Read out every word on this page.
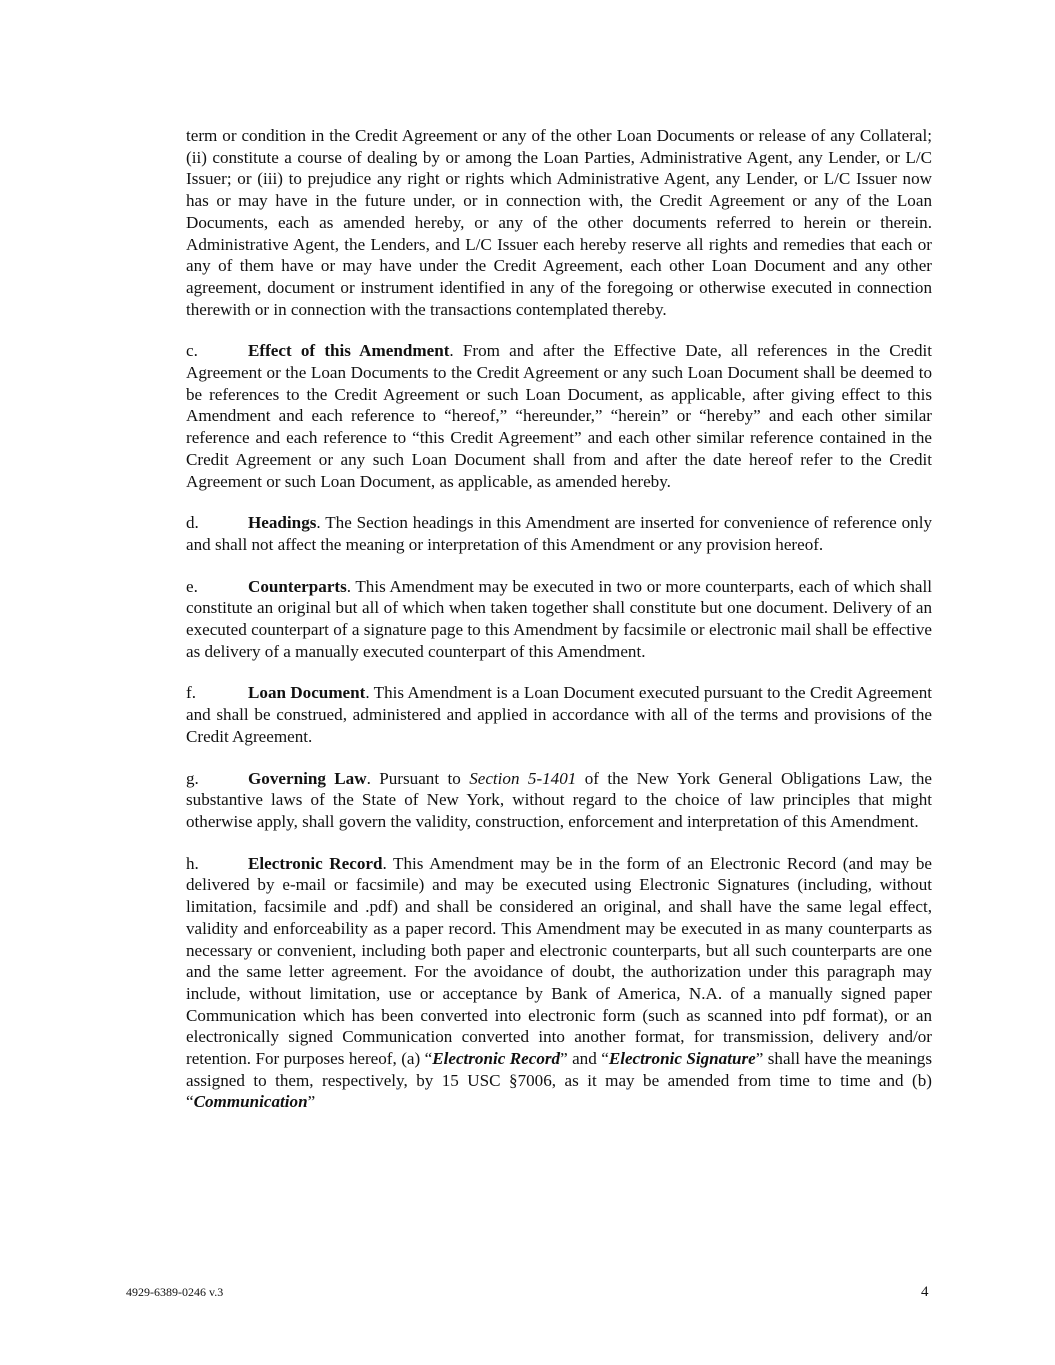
term or condition in the Credit Agreement or any of the other Loan Documents or release of any Collateral; (ii) constitute a course of dealing by or among the Loan Parties, Administrative Agent, any Lender, or L/C Issuer; or (iii) to prejudice any right or rights which Administrative Agent, any Lender, or L/C Issuer now has or may have in the future under, or in connection with, the Credit Agreement or any of the Loan Documents, each as amended hereby, or any of the other documents referred to herein or therein. Administrative Agent, the Lenders, and L/C Issuer each hereby reserve all rights and remedies that each or any of them have or may have under the Credit Agreement, each other Loan Document and any other agreement, document or instrument identified in any of the foregoing or otherwise executed in connection therewith or in connection with the transactions contemplated thereby.

c.	Effect of this Amendment. From and after the Effective Date, all references in the Credit Agreement or the Loan Documents to the Credit Agreement or any such Loan Document shall be deemed to be references to the Credit Agreement or such Loan Document, as applicable, after giving effect to this Amendment and each reference to “hereof,” “hereunder,” “herein” or “hereby” and each other similar reference and each reference to “this Credit Agreement” and each other similar reference contained in the Credit Agreement or any such Loan Document shall from and after the date hereof refer to the Credit Agreement or such Loan Document, as applicable, as amended hereby.

d.	Headings. The Section headings in this Amendment are inserted for convenience of reference only and shall not affect the meaning or interpretation of this Amendment or any provision hereof.

e.	Counterparts. This Amendment may be executed in two or more counterparts, each of which shall constitute an original but all of which when taken together shall constitute but one document. Delivery of an executed counterpart of a signature page to this Amendment by facsimile or electronic mail shall be effective as delivery of a manually executed counterpart of this Amendment.

f.	Loan Document. This Amendment is a Loan Document executed pursuant to the Credit Agreement and shall be construed, administered and applied in accordance with all of the terms and provisions of the Credit Agreement.

g.	Governing Law. Pursuant to Section 5-1401 of the New York General Obligations Law, the substantive laws of the State of New York, without regard to the choice of law principles that might otherwise apply, shall govern the validity, construction, enforcement and interpretation of this Amendment.

h.	Electronic Record. This Amendment may be in the form of an Electronic Record (and may be delivered by e-mail or facsimile) and may be executed using Electronic Signatures (including, without limitation, facsimile and .pdf) and shall be considered an original, and shall have the same legal effect, validity and enforceability as a paper record. This Amendment may be executed in as many counterparts as necessary or convenient, including both paper and electronic counterparts, but all such counterparts are one and the same letter agreement. For the avoidance of doubt, the authorization under this paragraph may include, without limitation, use or acceptance by Bank of America, N.A. of a manually signed paper Communication which has been converted into electronic form (such as scanned into pdf format), or an electronically signed Communication converted into another format, for transmission, delivery and/or retention. For purposes hereof, (a) “Electronic Record” and “Electronic Signature” shall have the meanings assigned to them, respectively, by 15 USC §7006, as it may be amended from time to time and (b) “Communication”

4929-6389-0246 v.3	4
